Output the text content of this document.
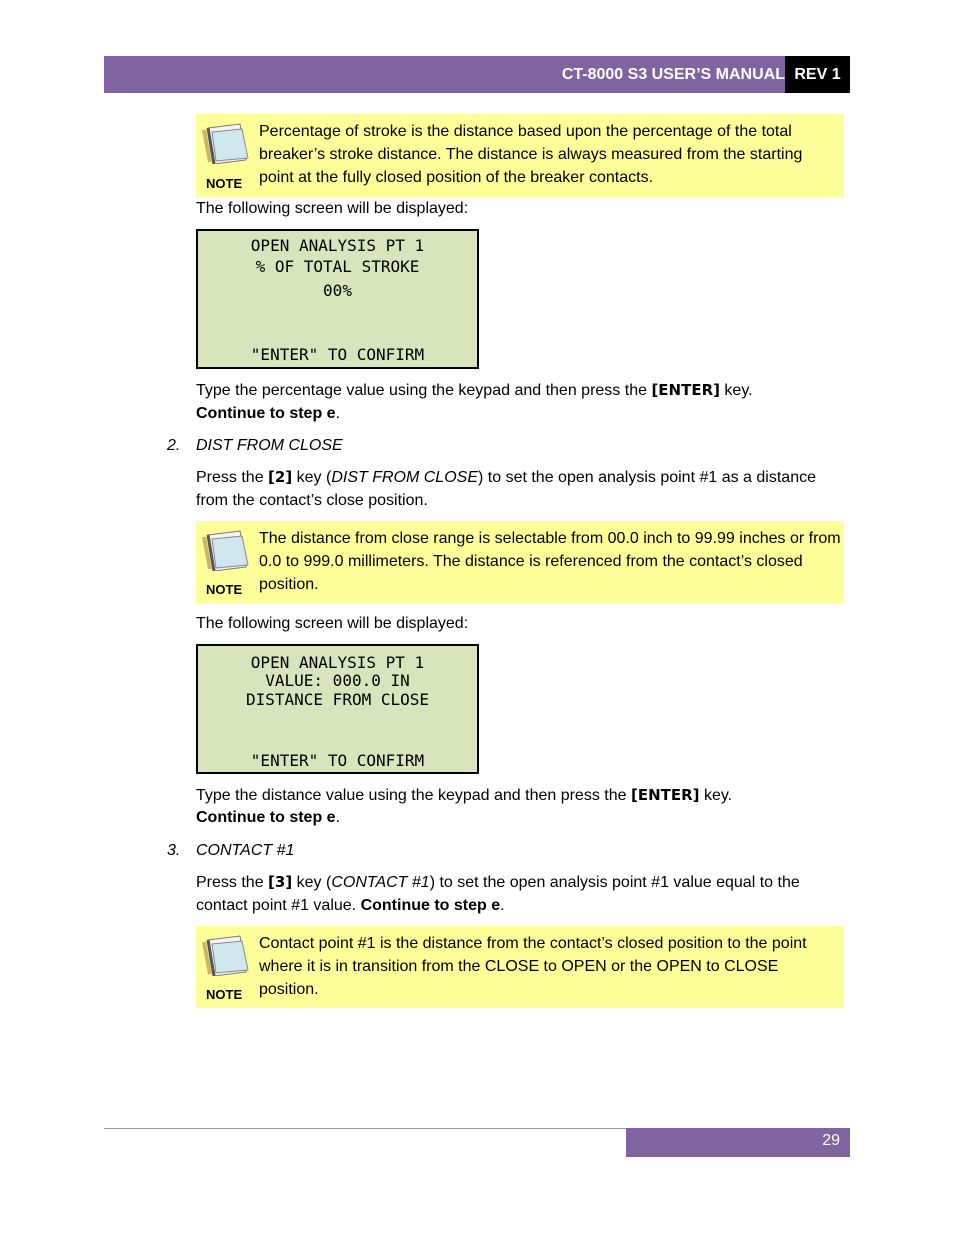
CT-8000 S3 USER’S MANUAL REV 1
NOTE
Percentage of stroke is the distance based upon the percentage of the total breaker’s stroke distance. The distance is always measured from the starting point at the fully closed position of the breaker contacts.
The following screen will be displayed:
OPEN ANALYSIS PT 1
% OF TOTAL STROKE
00%
"ENTER" TO CONFIRM
Type the percentage value using the keypad and then press the [ENTER] key.
Continue to step e.
2. DIST FROM CLOSE
Press the [2] key (DIST FROM CLOSE) to set the open analysis point #1 as a distance
from the contact’s close position.
NOTE
The distance from close range is selectable from 00.0 inch to 99.99 inches or from 0.0 to 999.0 millimeters. The distance is referenced from the contact’s closed position.
The following screen will be displayed:
OPEN ANALYSIS PT 1
VALUE: 000.0 IN
DISTANCE FROM CLOSE
"ENTER" TO CONFIRM
Type the distance value using the keypad and then press the [ENTER] key.
Continue to step e.
3. CONTACT #1
Press the [3] key (CONTACT #1) to set the open analysis point #1 value equal to the
contact point #1 value. Continue to step e.
NOTE
Contact point #1 is the distance from the contact’s closed position to the point where it is in transition from the CLOSE to OPEN or the OPEN to CLOSE position.
29
